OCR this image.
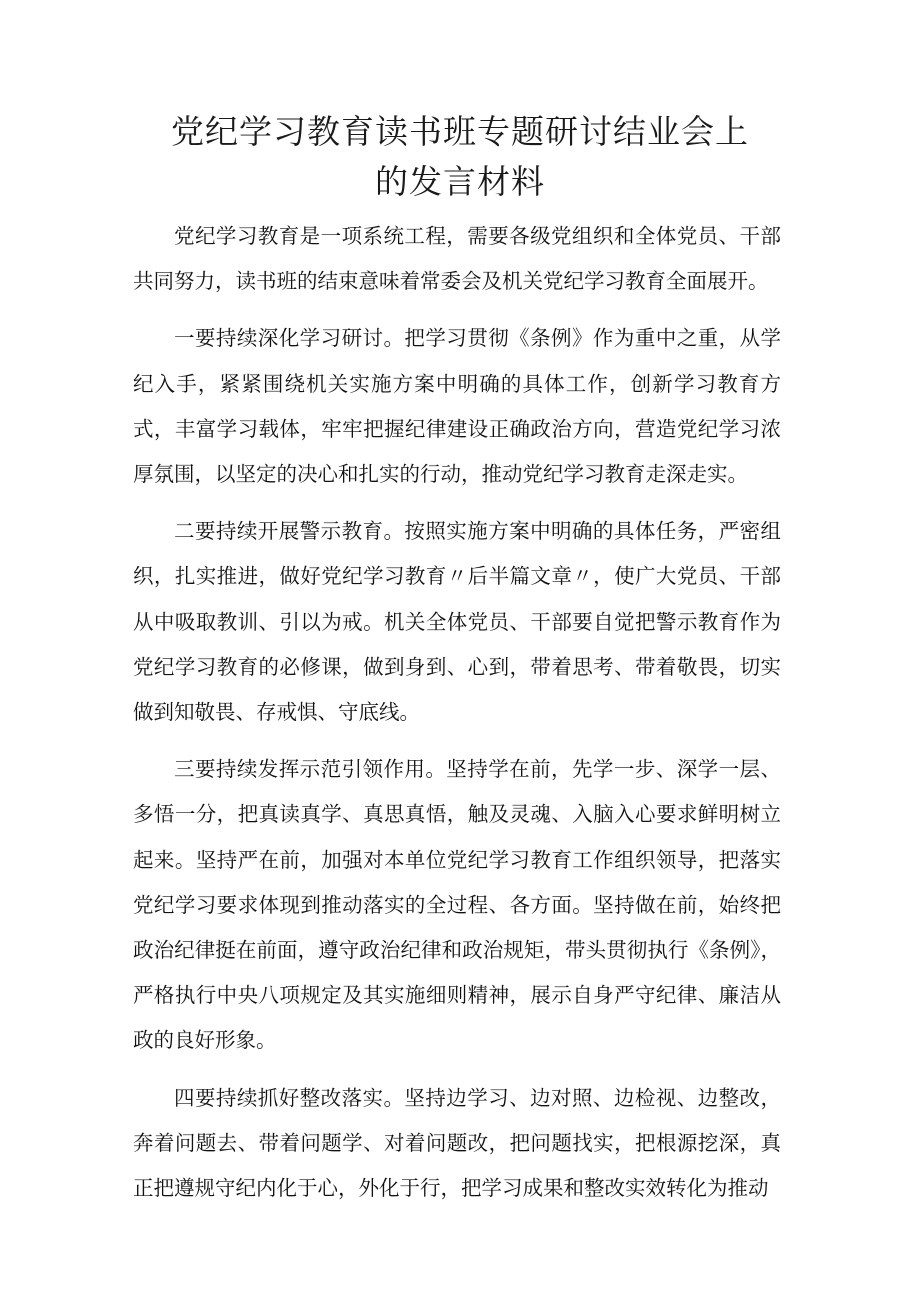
党纪学习教育读书班专题研讨结业会上
的发言材料

党纪学习教育是一项系统工程，需要各级党组织和全体党员、干部共同努力，读书班的结束意味着常委会及机关党纪学习教育全面展开。

一要持续深化学习研讨。把学习贯彻《条例》作为重中之重，从学纪入手，紧紧围绕机关实施方案中明确的具体工作，创新学习教育方式，丰富学习载体，牢牢把握纪律建设正确政治方向，营造党纪学习浓厚氛围，以坚定的决心和扎实的行动，推动党纪学习教育走深走实。

二要持续开展警示教育。按照实施方案中明确的具体任务，严密组织，扎实推进，做好党纪学习教育〃后半篇文章〃，使广大党员、干部从中吸取教训、引以为戒。机关全体党员、干部要自觉把警示教育作为党纪学习教育的必修课，做到身到、心到，带着思考、带着敬畏，切实做到知敬畏、存戒惧、守底线。

三要持续发挥示范引领作用。坚持学在前，先学一步、深学一层、多悟一分，把真读真学、真思真悟，触及灵魂、入脑入心要求鲜明树立起来。坚持严在前，加强对本单位党纪学习教育工作组织领导，把落实党纪学习要求体现到推动落实的全过程、各方面。坚持做在前，始终把政治纪律挺在前面，遵守政治纪律和政治规矩，带头贯彻执行《条例》，严格执行中央八项规定及其实施细则精神，展示自身严守纪律、廉洁从政的良好形象。

四要持续抓好整改落实。坚持边学习、边对照、边检视、边整改，奔着问题去、带着问题学、对着问题改，把问题找实，把根源挖深，真正把遵规守纪内化于心，外化于行，把学习成果和整改实效转化为推动
